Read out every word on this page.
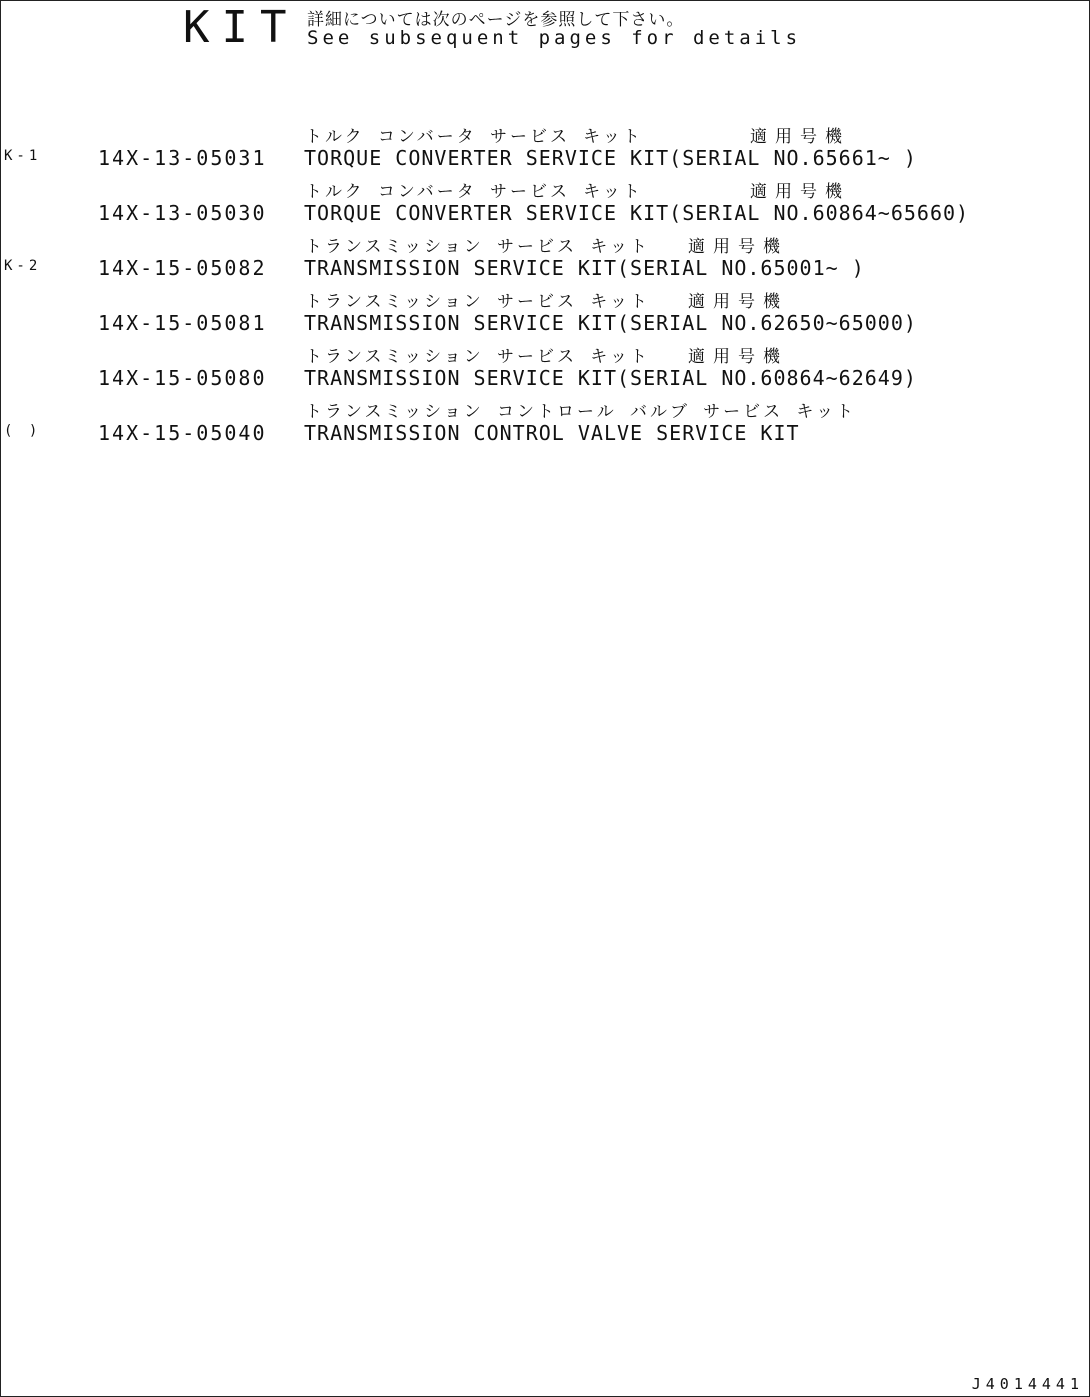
KIT 詳細については次のページを参照して下さい。
See subsequent pages for details
トルク コンバータ サービス キット	適用号機
K-1	14X-13-05031 TORQUE CONVERTER SERVICE KIT(SERIAL NO.65661~ )
トルク コンバータ サービス キット	適用号機
14X-13-05030 TORQUE CONVERTER SERVICE KIT(SERIAL NO.60864~65660)
トランスミッション サービス キット 適用号機
K-2	14X-15-05082 TRANSMISSION SERVICE KIT(SERIAL NO.65001~ )
トランスミッション サービス キット 適用号機
14X-15-05081 TRANSMISSION SERVICE KIT(SERIAL NO.62650~65000)
トランスミッション サービス キット 適用号機
14X-15-05080 TRANSMISSION SERVICE KIT(SERIAL NO.60864~62649)
トランスミッション コントロール バルブ サービス キット
( )	14X-15-05040 TRANSMISSION CONTROL VALVE SERVICE KIT
J4014441
